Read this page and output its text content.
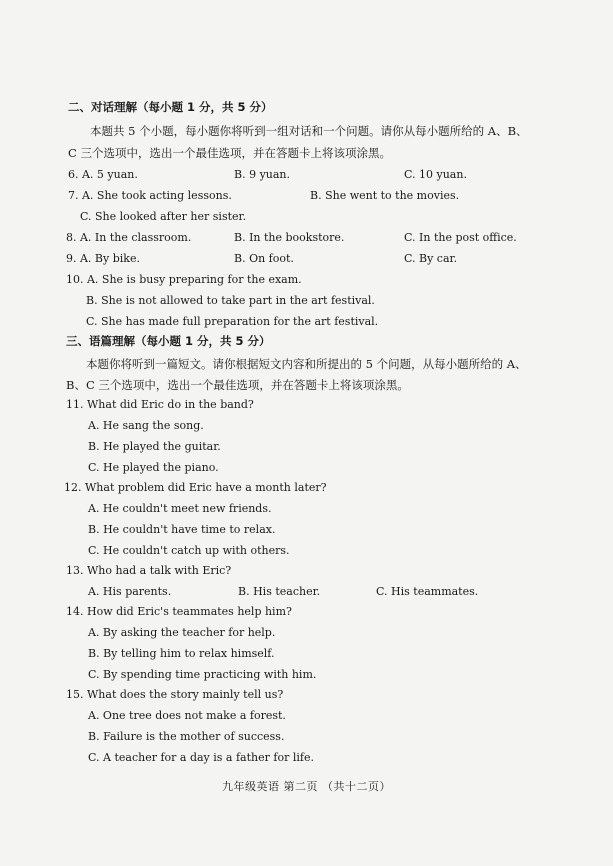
二、对话理解（每小题 1 分，共 5 分）
本题共 5 个小题，每小题你将听到一组对话和一个问题。请你从每小题所给的 A、B、
C 三个选项中，选出一个最佳选项，并在答题卡上将该项涂黑。
6. A. 5 yuan.	B. 9 yuan.	C. 10 yuan.
7. A. She took acting lessons.	B. She went to the movies.
C. She looked after her sister.
8. A. In the classroom.	B. In the bookstore.	C. In the post office.
9. A. By bike.	B. On foot.	C. By car.
10. A. She is busy preparing for the exam.
B. She is not allowed to take part in the art festival.
C. She has made full preparation for the art festival.
三、语篇理解（每小题 1 分，共 5 分）
本题你将听到一篇短文。请你根据短文内容和所提出的 5 个问题，从每小题所给的 A、
B、C 三个选项中，选出一个最佳选项，并在答题卡上将该项涂黑。
11. What did Eric do in the band?
A. He sang the song.
B. He played the guitar.
C. He played the piano.
12. What problem did Eric have a month later?
A. He couldn't meet new friends.
B. He couldn't have time to relax.
C. He couldn't catch up with others.
13. Who had a talk with Eric?
A. His parents.	B. His teacher.	C. His teammates.
14. How did Eric's teammates help him?
A. By asking the teacher for help.
B. By telling him to relax himself.
C. By spending time practicing with him.
15. What does the story mainly tell us?
A. One tree does not make a forest.
B. Failure is the mother of success.
C. A teacher for a day is a father for life.
九年级英语 第二页 （共十二页）
